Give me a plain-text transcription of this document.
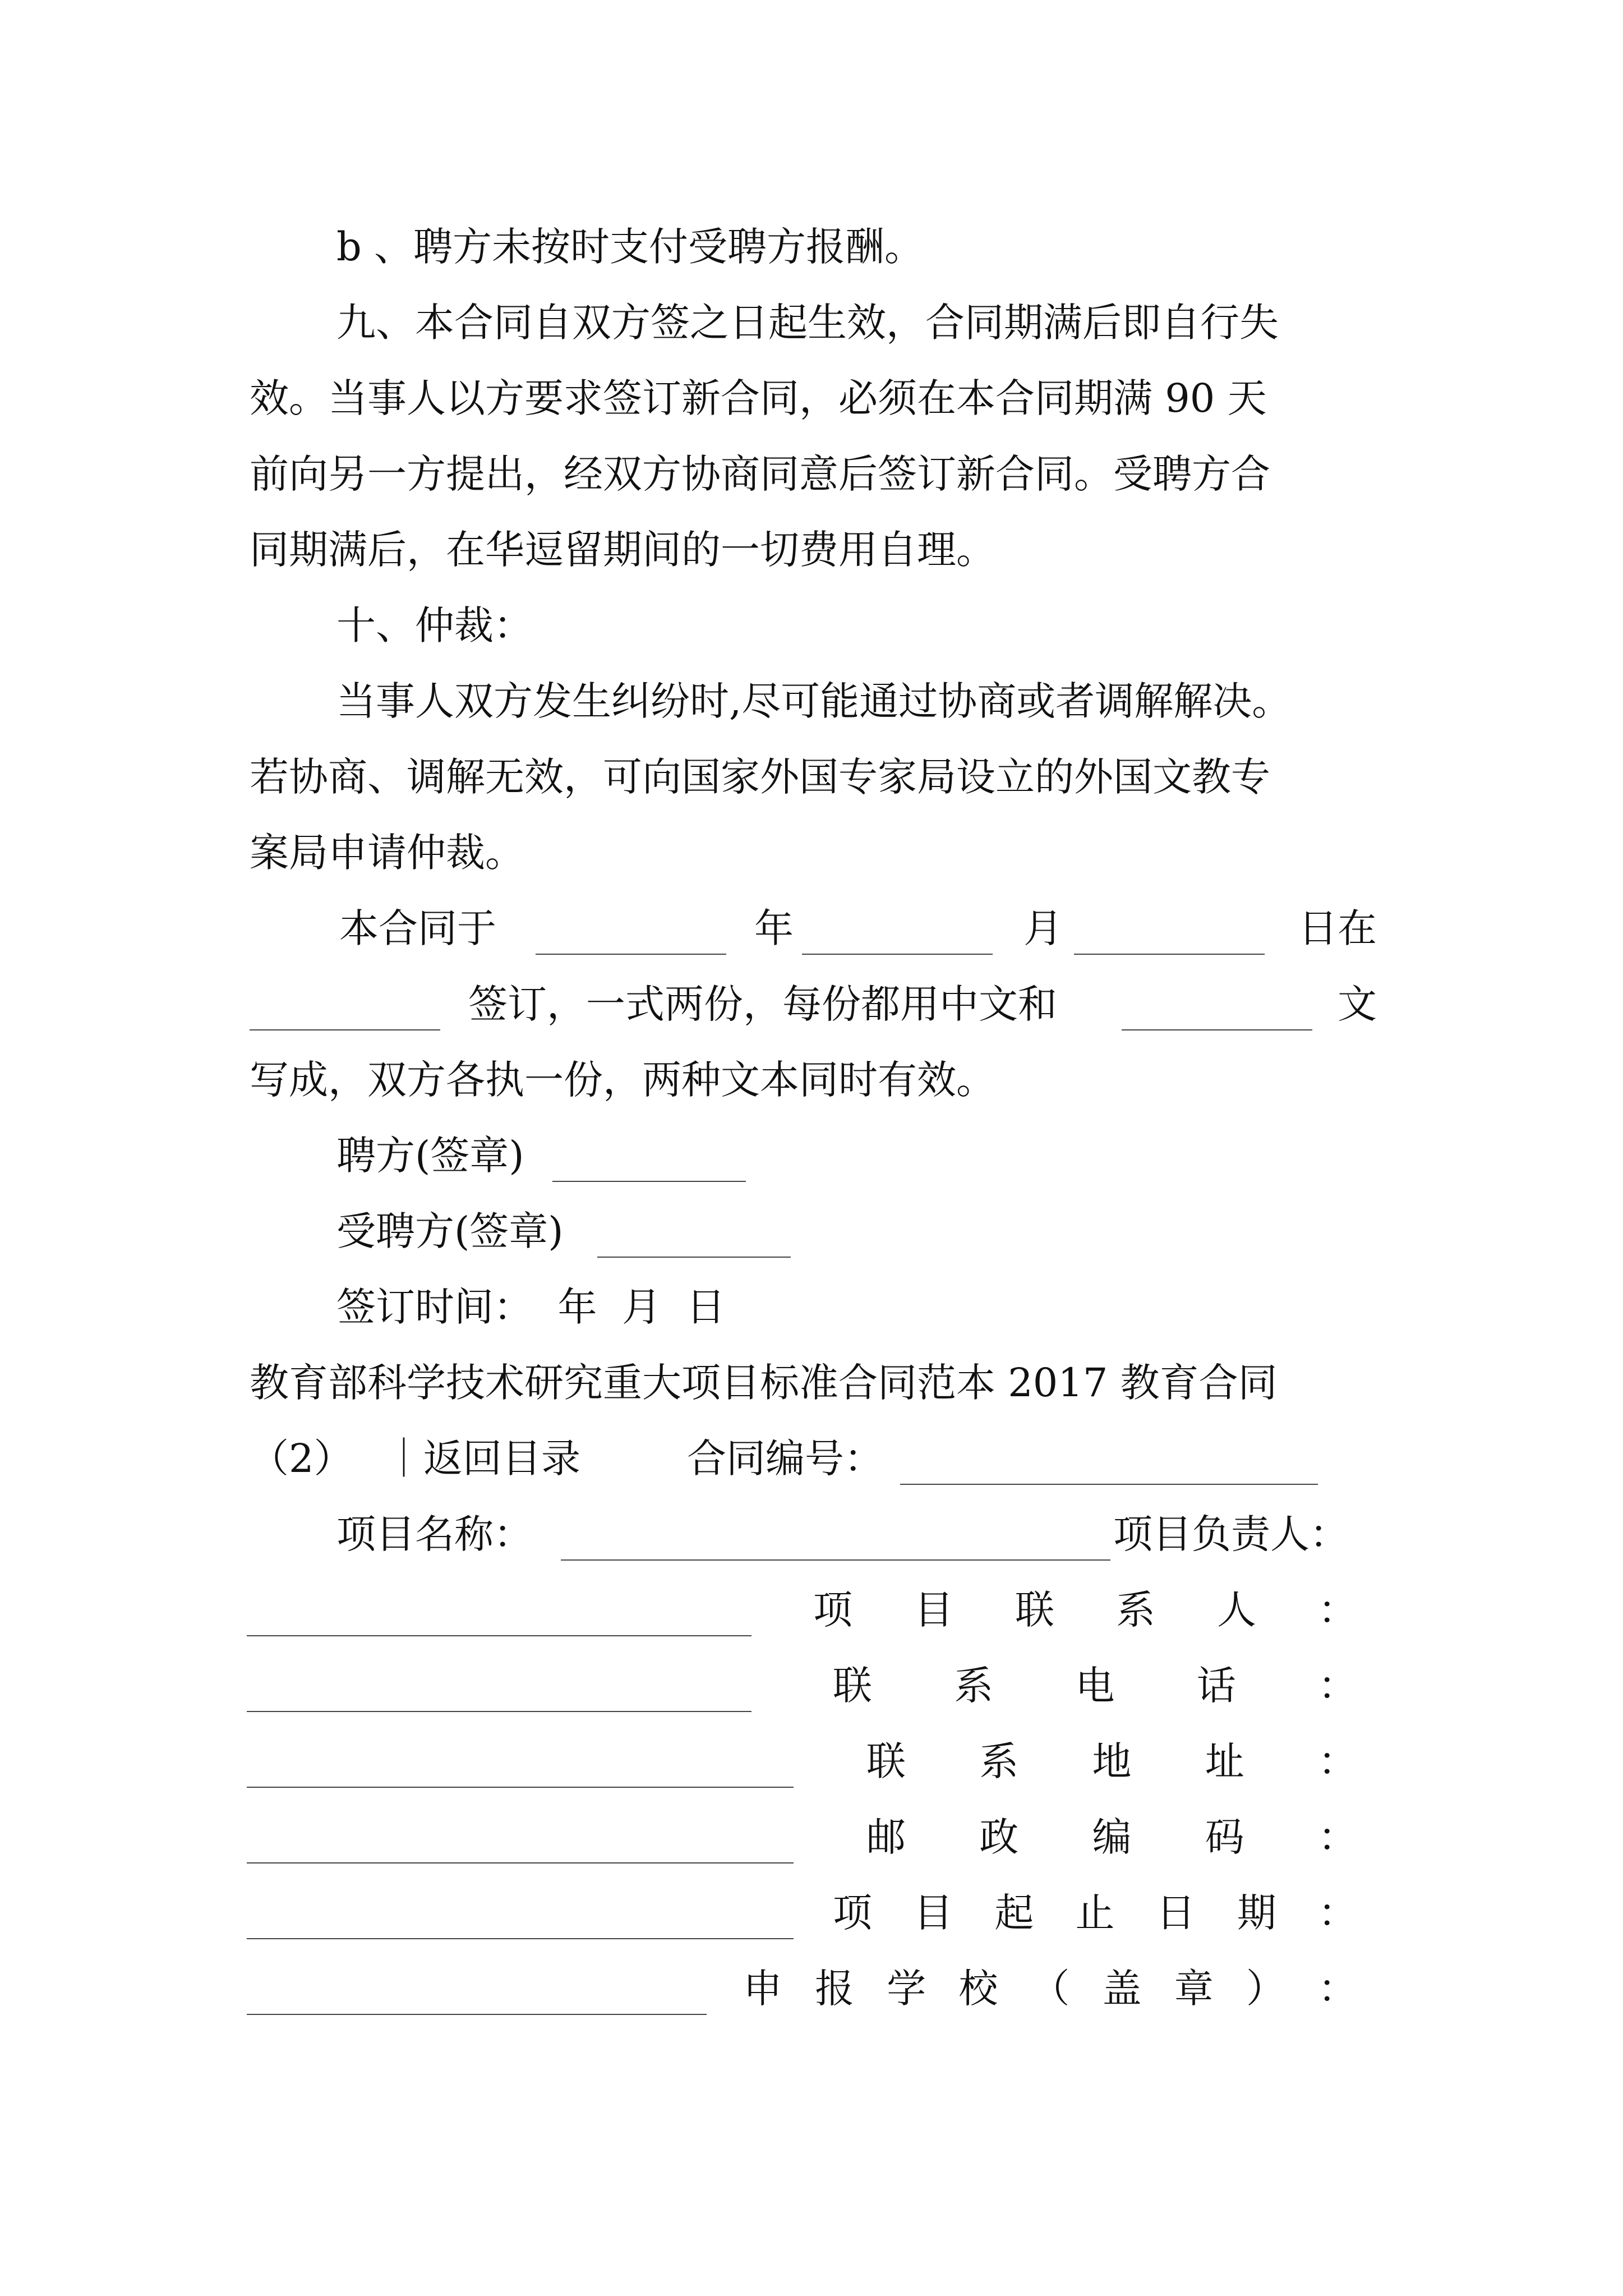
b 、聘方未按时支付受聘方报酬。
九、本合同自双方签之日起生效，合同期满后即自行失
效。当事人以方要求签订新合同，必须在本合同期满 90 天
前向另一方提出，经双方协商同意后签订新合同。受聘方合
同期满后，在华逗留期间的一切费用自理。
十、仲裁：
当事人双方发生纠纷时,尽可能通过协商或者调解解决。
若协商、调解无效，可向国家外国专家局设立的外国文教专
案局申请仲裁。
本合同于	年	月	日在
签订，一式两份，每份都用中文和	文
写成，双方各执一份，两种文本同时有效。
聘方(签章)
受聘方(签章)
签订时间：  年  月  日
教育部科学技术研究重大项目标准合同范本 2017 教育合同
（2） ｜返回目录	合同编号：
项目名称：	项目负责人：
项 目 联 系 人 ：
联 系 电 话 ：
联 系 地 址 ：
邮 政 编 码 ：
项 目 起 止 日 期 ：
申 报 学 校 （ 盖 章 ） ：
